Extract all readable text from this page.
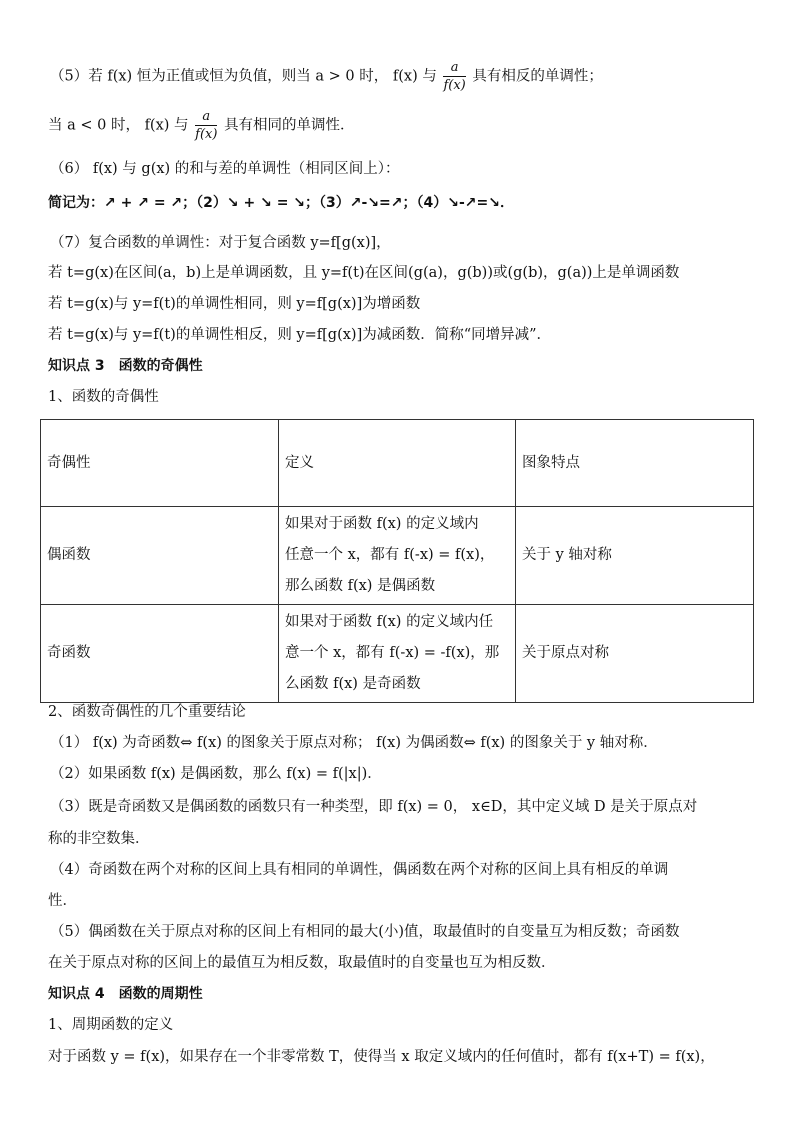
（5）若 f(x) 恒为正值或恒为负值，则当 a > 0 时， f(x) 与 $\frac{a}{f(x)}$ 具有相反的单调性；
当 a < 0 时， f(x) 与 $\frac{a}{f(x)}$ 具有相同的单调性．
（6） f(x) 与 g(x) 的和与差的单调性（相同区间上）：
简记为：↗ + ↗ = ↗；（2）↘ + ↘ = ↘；（3）↗-↘=↗；（4）↘-↗=↘．
（7）复合函数的单调性：对于复合函数 y=f[g(x)]，
若 t=g(x)在区间(a，b)上是单调函数，且 y=f(t)在区间(g(a)，g(b))或(g(b)，g(a))上是单调函数
若 t=g(x)与 y=f(t)的单调性相同，则 y=f[g(x)]为增函数
若 t=g(x)与 y=f(t)的单调性相反，则 y=f[g(x)]为减函数．简称“同增异减”．
知识点 3　函数的奇偶性
1、函数的奇偶性
奇偶性	定义	图象特点
偶函数	如果对于函数 f(x) 的定义域内
任意一个 x，都有 f(-x) = f(x)，
那么函数 f(x) 是偶函数	关于 y 轴对称
奇函数	如果对于函数 f(x) 的定义域内任
意一个 x，都有 f(-x) = -f(x)，那
么函数 f(x) 是奇函数	关于原点对称
2、函数奇偶性的几个重要结论
（1） f(x) 为奇函数⇔ f(x) 的图象关于原点对称； f(x) 为偶函数⇔ f(x) 的图象关于 y 轴对称．
（2）如果函数 f(x) 是偶函数，那么 f(x) = f(|x|)．
（3）既是奇函数又是偶函数的函数只有一种类型，即 f(x) = 0， x∈D，其中定义域 D 是关于原点对
称的非空数集．
（4）奇函数在两个对称的区间上具有相同的单调性，偶函数在两个对称的区间上具有相反的单调
性．
（5）偶函数在关于原点对称的区间上有相同的最大(小)值，取最值时的自变量互为相反数；奇函数
在关于原点对称的区间上的最值互为相反数，取最值时的自变量也互为相反数．
知识点 4　函数的周期性
1、周期函数的定义
对于函数 y = f(x)，如果存在一个非零常数 T，使得当 x 取定义域内的任何值时，都有 f(x+T) = f(x)，
